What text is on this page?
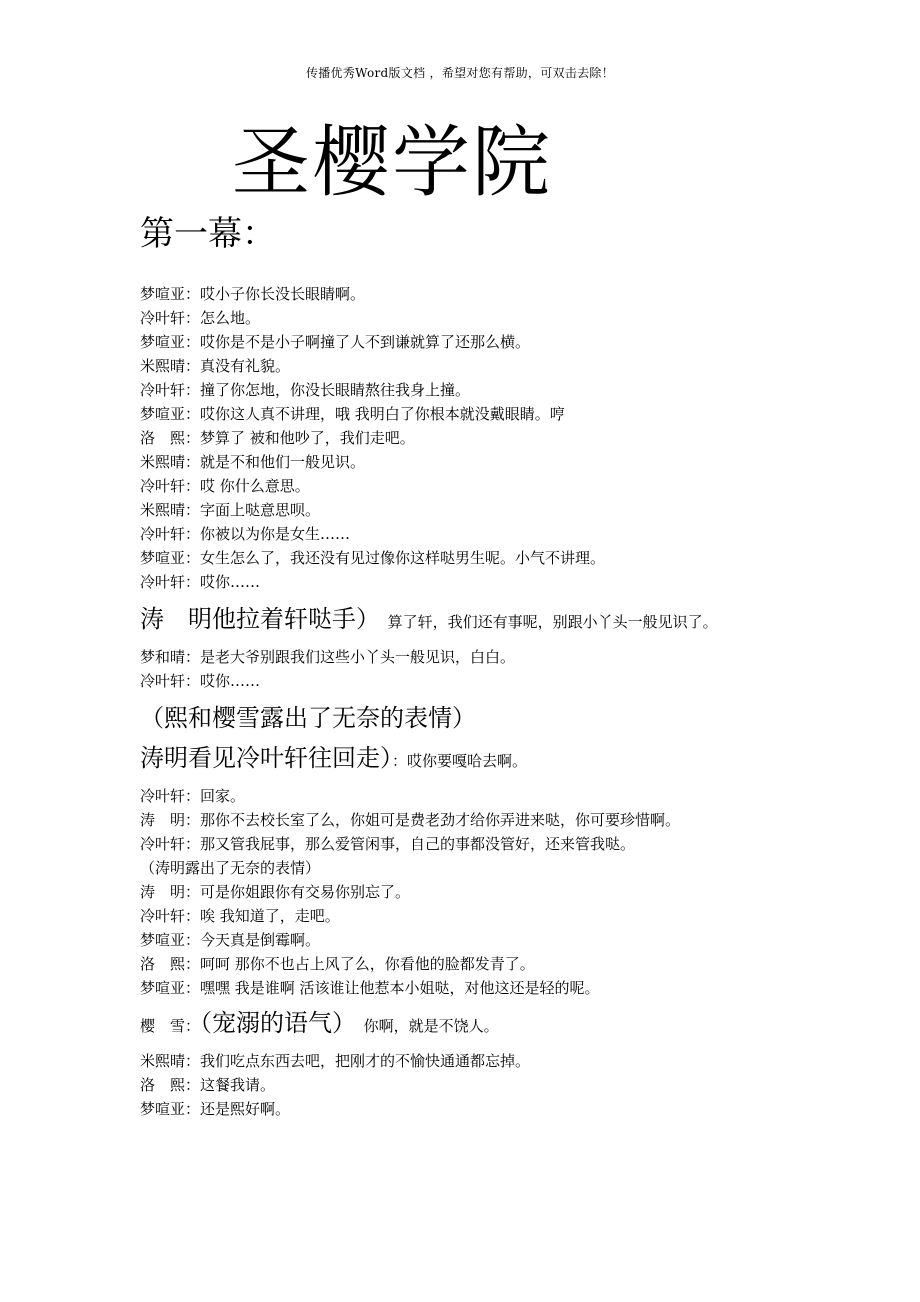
传播优秀Word版文档 ，希望对您有帮助，可双击去除！
圣樱学院
第一幕：
梦喧亚：哎小子你长没长眼睛啊。
冷叶轩：怎么地。
梦喧亚：哎你是不是小子啊撞了人不到谦就算了还那么横。
米熙晴：真没有礼貌。
冷叶轩：撞了你怎地，你没长眼睛熬往我身上撞。
梦喧亚：哎你这人真不讲理，哦 我明白了你根本就没戴眼睛。哼
洛　熙：梦算了 被和他吵了，我们走吧。
米熙晴：就是不和他们一般见识。
冷叶轩：哎 你什么意思。
米熙晴：字面上哒意思呗。
冷叶轩：你被以为你是女生……
梦喧亚：女生怎么了，我还没有见过像你这样哒男生呢。小气不讲理。
冷叶轩：哎你……
涛　明他拉着轩哒手） 算了轩，我们还有事呢，别跟小丫头一般见识了。
梦和晴：是老大爷别跟我们这些小丫头一般见识，白白。
冷叶轩：哎你……
（熙和樱雪露出了无奈的表情）
涛明看见冷叶轩往回走）：哎你要嘎哈去啊。
冷叶轩：回家。
涛　明：那你不去校长室了么，你姐可是费老劲才给你弄进来哒，你可要珍惜啊。
冷叶轩：那又管我屁事，那么爱管闲事，自己的事都没管好，还来管我哒。
（涛明露出了无奈的表情）
涛　明：可是你姐跟你有交易你别忘了。
冷叶轩：唉 我知道了，走吧。
梦喧亚：今天真是倒霉啊。
洛　熙：呵呵 那你不也占上风了么，你看他的脸都发青了。
梦喧亚：嘿嘿 我是谁啊 活该谁让他惹本小姐哒，对他这还是轻的呢。
樱　雪：（宠溺的语气） 你啊，就是不饶人。
米熙晴：我们吃点东西去吧，把刚才的不愉快通通都忘掉。
洛　熙：这餐我请。
梦喧亚：还是熙好啊。
